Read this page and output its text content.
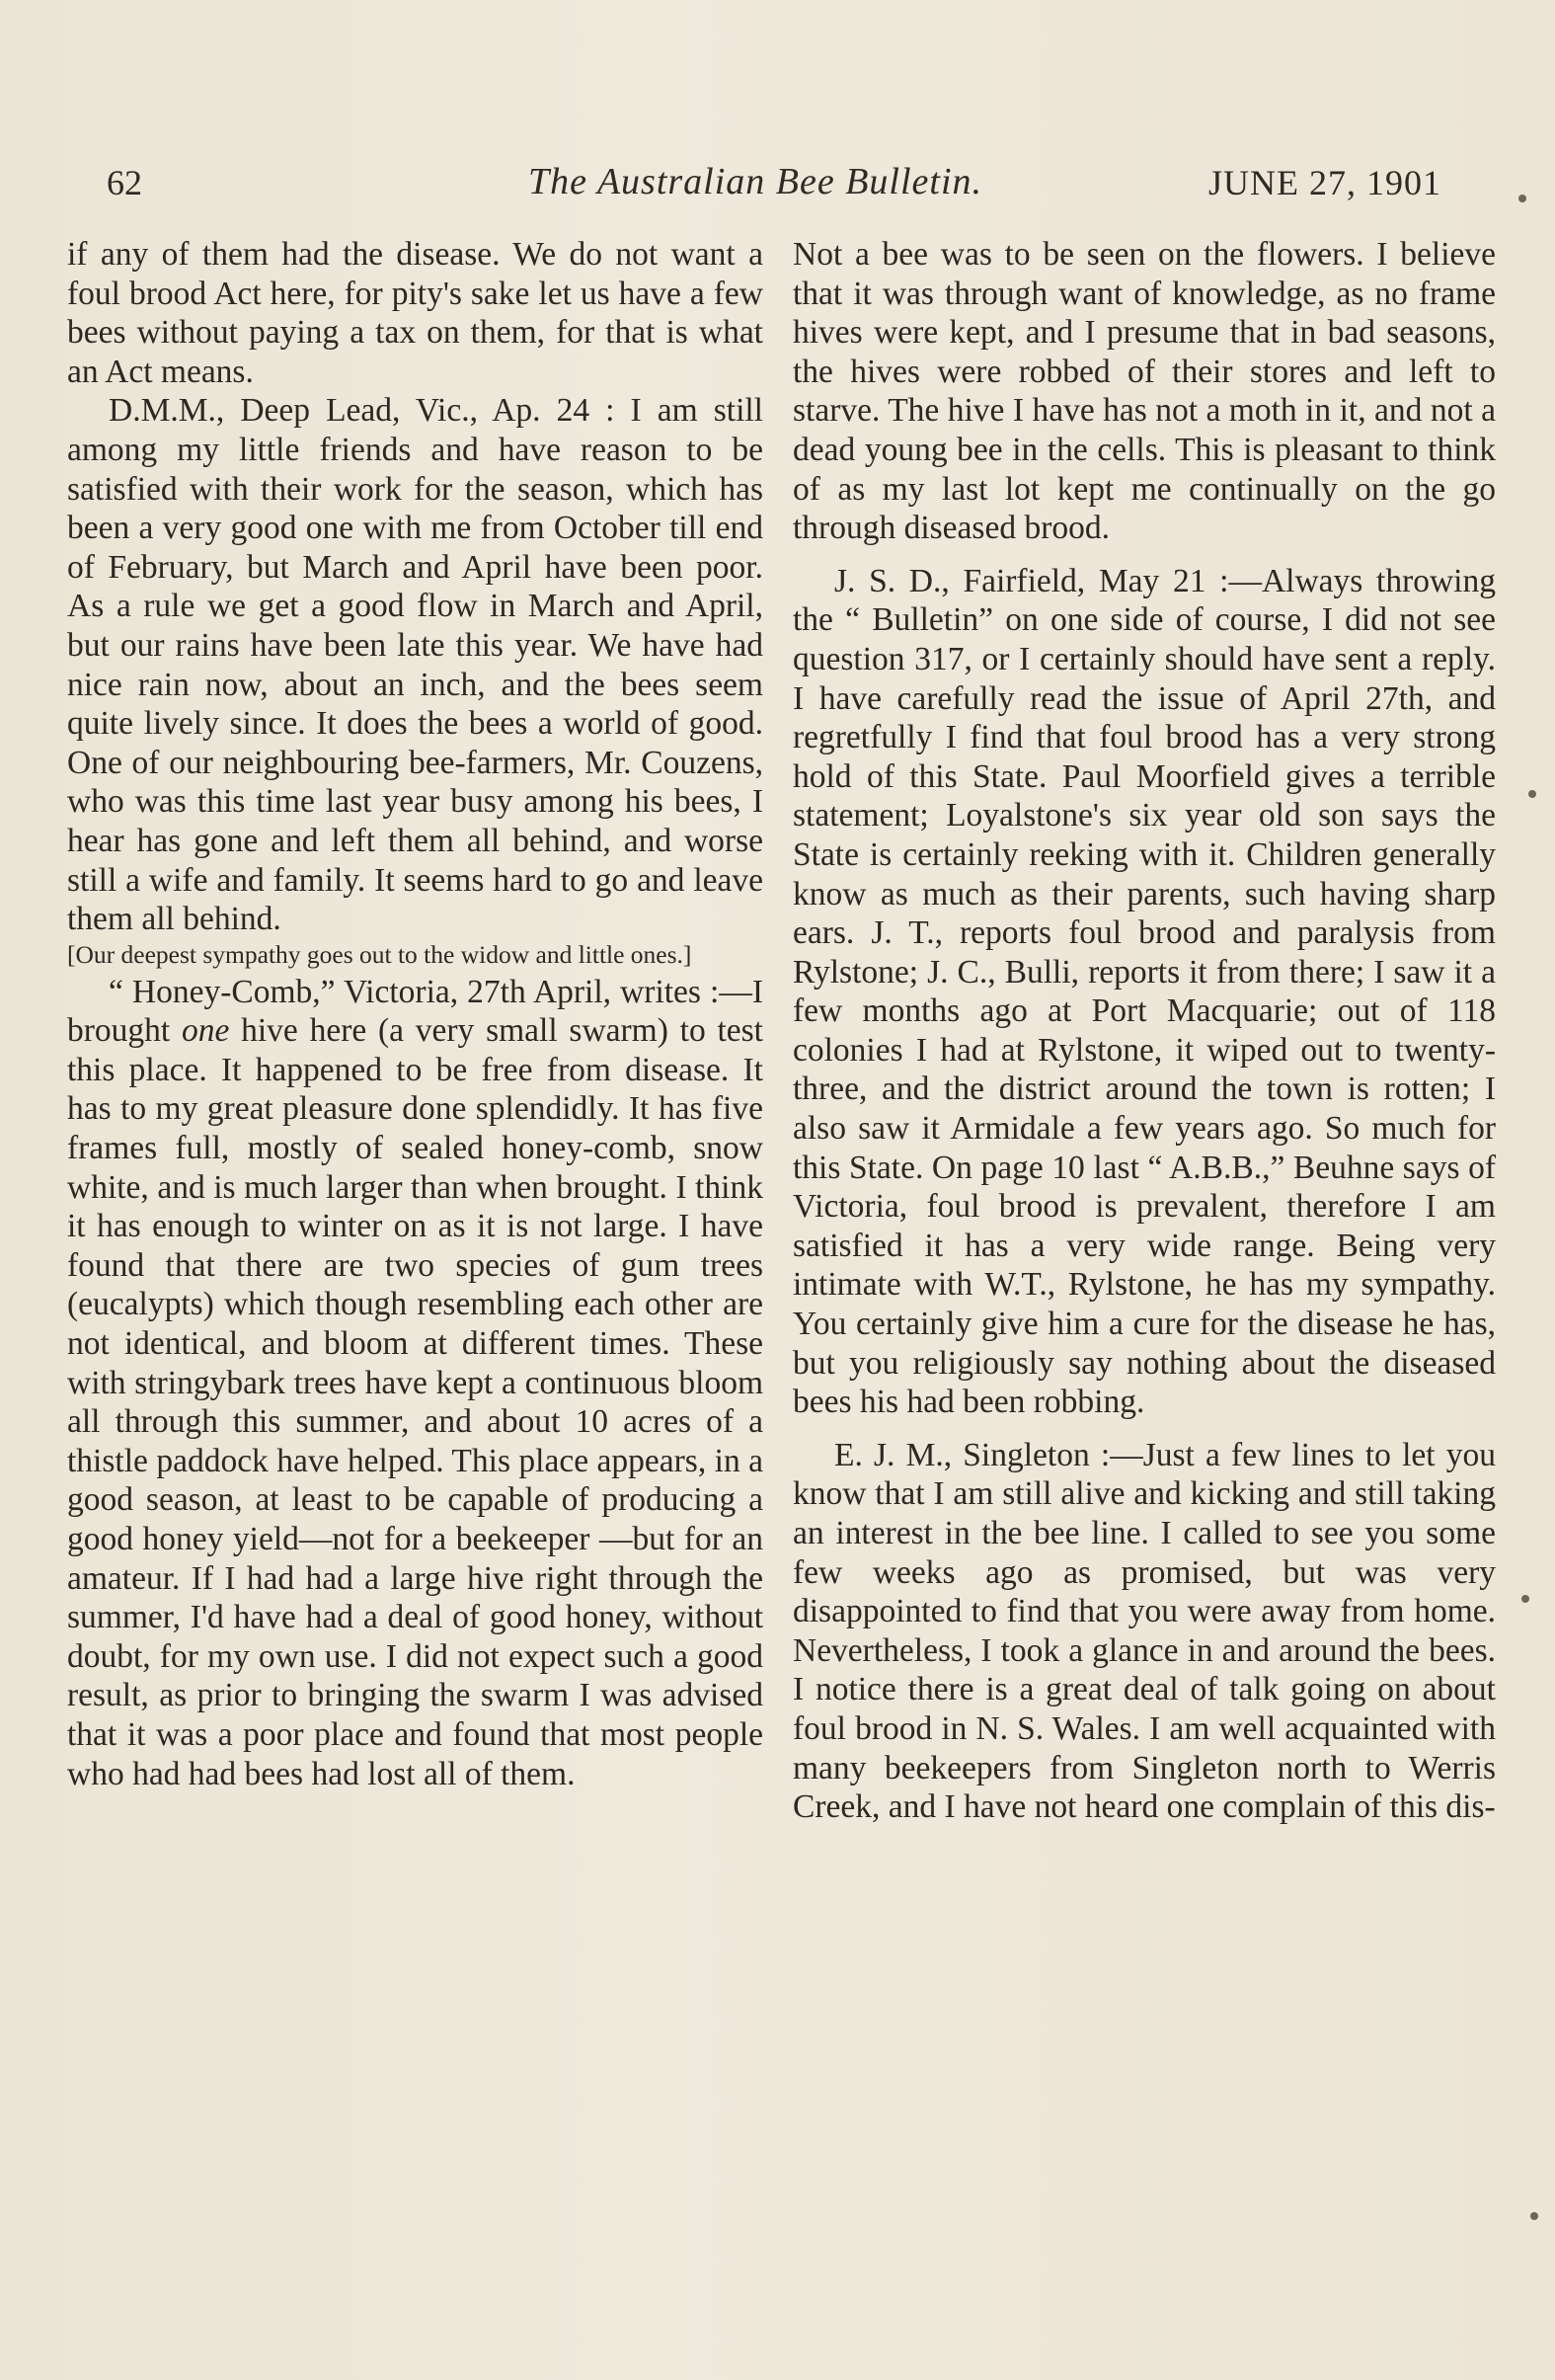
62	The Australian Bee Bulletin.	JUNE 27, 1901

if any of them had the disease. We do not want a foul brood Act here, for pity's sake let us have a few bees without paying a tax on them, for that is what an Act means.

D.M.M., Deep Lead, Vic., Ap. 24 : I am still among my little friends and have reason to be satisfied with their work for the season, which has been a very good one with me from October till end of February, but March and April have been poor. As a rule we get a good flow in March and April, but our rains have been late this year. We have had nice rain now, about an inch, and the bees seem quite lively since. It does the bees a world of good. One of our neighbouring bee-farmers, Mr. Couzens, who was this time last year busy among his bees, I hear has gone and left them all behind, and worse still a wife and family. It seems hard to go and leave them all behind.

[Our deepest sympathy goes out to the widow and little ones.]

“ Honey-Comb,” Victoria, 27th April, writes :—I brought one hive here (a very small swarm) to test this place. It happened to be free from disease. It has to my great pleasure done splendidly. It has five frames full, mostly of sealed honey-comb, snow white, and is much larger than when brought. I think it has enough to winter on as it is not large. I have found that there are two species of gum trees (eucalypts) which though resembling each other are not identical, and bloom at different times. These with stringybark trees have kept a continuous bloom all through this summer, and about 10 acres of a thistle paddock have helped. This place appears, in a good season, at least to be capable of producing a good honey yield—not for a beekeeper —but for an amateur. If I had had a large hive right through the summer, I'd have had a deal of good honey, without doubt, for my own use. I did not expect such a good result, as prior to bringing the swarm I was advised that it was a poor place and found that most people who had had bees had lost all of them.

Not a bee was to be seen on the flowers. I believe that it was through want of knowledge, as no frame hives were kept, and I presume that in bad seasons, the hives were robbed of their stores and left to starve. The hive I have has not a moth in it, and not a dead young bee in the cells. This is pleasant to think of as my last lot kept me continually on the go through diseased brood.

J. S. D., Fairfield, May 21 :—Always throwing the “ Bulletin” on one side of course, I did not see question 317, or I certainly should have sent a reply. I have carefully read the issue of April 27th, and regretfully I find that foul brood has a very strong hold of this State. Paul Moorfield gives a terrible statement; Loyalstone's six year old son says the State is certainly reeking with it. Children generally know as much as their parents, such having sharp ears. J. T., reports foul brood and paralysis from Rylstone; J. C., Bulli, reports it from there; I saw it a few months ago at Port Macquarie; out of 118 colonies I had at Rylstone, it wiped out to twenty-three, and the district around the town is rotten; I also saw it Armidale a few years ago. So much for this State. On page 10 last “ A.B.B.,” Beuhne says of Victoria, foul brood is prevalent, therefore I am satisfied it has a very wide range. Being very intimate with W.T., Rylstone, he has my sympathy. You certainly give him a cure for the disease he has, but you religiously say nothing about the diseased bees his had been robbing.

E. J. M., Singleton :—Just a few lines to let you know that I am still alive and kicking and still taking an interest in the bee line. I called to see you some few weeks ago as promised, but was very disappointed to find that you were away from home. Nevertheless, I took a glance in and around the bees. I notice there is a great deal of talk going on about foul brood in N. S. Wales. I am well acquainted with many beekeepers from Singleton north to Werris Creek, and I have not heard one complain of this dis-
